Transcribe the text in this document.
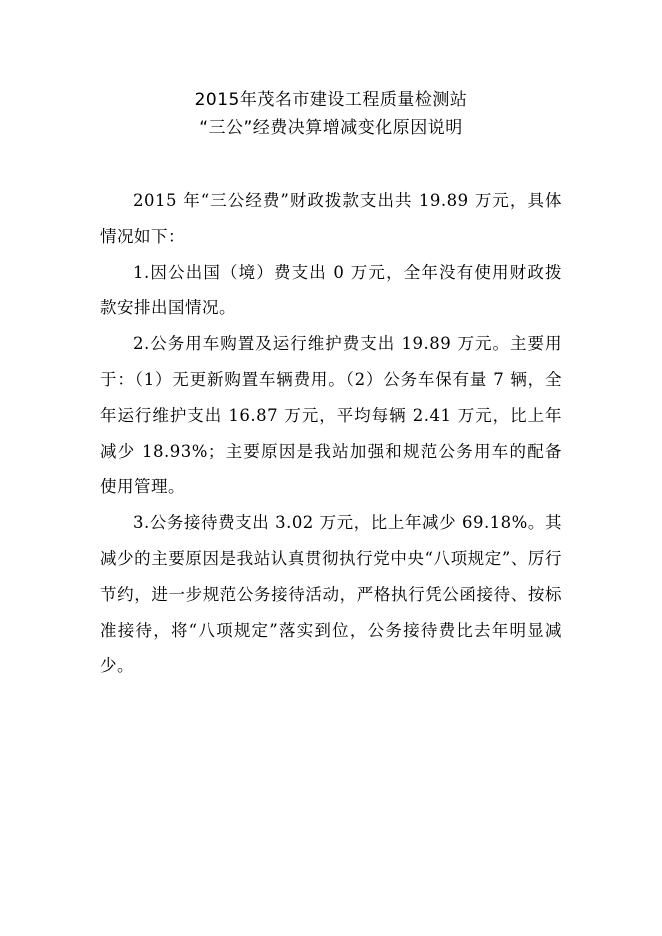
2015年茂名市建设工程质量检测站
“三公”经费决算增减变化原因说明

2015 年“三公经费”财政拨款支出共 19.89 万元，具体情况如下：

1.因公出国（境）费支出 0 万元，全年没有使用财政拨款安排出国情况。

2.公务用车购置及运行维护费支出 19.89 万元。主要用于：（1）无更新购置车辆费用。（2）公务车保有量 7 辆，全年运行维护支出 16.87 万元，平均每辆 2.41 万元，比上年减少 18.93%；主要原因是我站加强和规范公务用车的配备使用管理。

3.公务接待费支出 3.02 万元，比上年减少 69.18%。其减少的主要原因是我站认真贯彻执行党中央“八项规定”、厉行节约，进一步规范公务接待活动，严格执行凭公函接待、按标准接待，将“八项规定”落实到位，公务接待费比去年明显减少。
